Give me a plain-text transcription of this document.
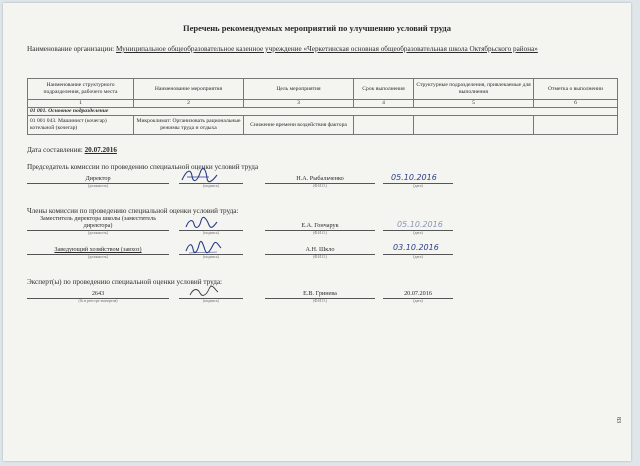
Перечень рекомендуемых мероприятий по улучшению условий труда
Наименование организации: Муниципальное общеобразовательное казенное учреждение «Черкетинская основная общеобразовательная школа Октябрьского района»
Наименование структурного подразделения, рабочего места	Наименование мероприятия	Цель мероприятия	Срок выполнения	Структурные подразделения, привлекаемые для выполнения	Отметка о выполнении
1	2	3	4	5	6
01 001. Основное подразделение					
01 001 043. Машинист (кочегар) котельной (кочегар)	Микроклимат: Организовать рациональные режимы труда и отдыха	Снижение времени воздействия фактора			
Дата составления: 20.07.2016
Председатель комиссии по проведению специальной оценки условий труда
Директор
(должность)	(подпись)
Н.А. Рыбальченко
(Ф.И.О.)
05.10.2016
(дата)
Члены комиссии по проведению специальной оценки условий труда:
Заместитель директора школы (заместитель директора)
(должность)	(подпись)
Е.А. Гончарук
(Ф.И.О.)
05.10.2016
(дата)
Заведующий хозяйством (завхоз)
(должность)	(подпись)
А.Н. Шкло
(Ф.И.О.)
03.10.2016
(дата)
Эксперт(ы) по проведению специальной оценки условий труда:
2643
(№ в реестре экспертов)	(подпись)
Е.В. Гринева
(Ф.И.О.)
20.07.2016
(дата)
83
